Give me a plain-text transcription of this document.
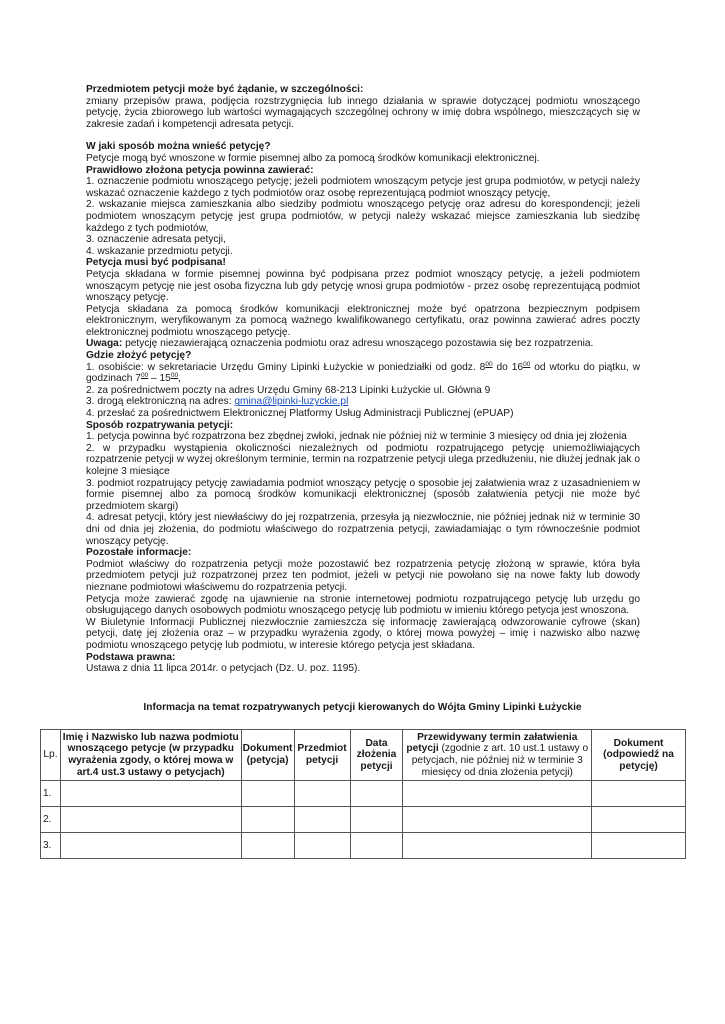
Przedmiotem petycji może być żądanie, w szczególności:

zmiany przepisów prawa, podjęcia rozstrzygnięcia lub innego działania w sprawie dotyczącej podmiotu wnoszącego petycję, życia zbiorowego lub wartości wymagających szczególnej ochrony w imię dobra wspólnego, mieszczących się w zakresie zadań i kompetencji adresata petycji.

W jaki sposób można wnieść petycję?

Petycje mogą być wnoszone w formie pisemnej albo za pomocą środków komunikacji elektronicznej.

Prawidłowo złożona petycja powinna zawierać:

1. oznaczenie podmiotu wnoszącego petycję; jeżeli podmiotem wnoszącym petycje jest grupa podmiotów, w petycji należy wskazać oznaczenie każdego z tych podmiotów oraz osobę reprezentującą podmiot wnoszący petycję,

2. wskazanie miejsca zamieszkania albo siedziby podmiotu wnoszącego petycję oraz adresu do korespondencji; jeżeli podmiotem wnoszącym petycję jest grupa podmiotów, w petycji należy wskazać miejsce zamieszkania lub siedzibę każdego z tych podmiotów,

3. oznaczenie adresata petycji,

4. wskazanie przedmiotu petycji.

Petycja musi być podpisana!

Petycja składana w formie pisemnej powinna być podpisana przez podmiot wnoszący petycję, a jeżeli podmiotem wnoszącym petycję nie jest osoba fizyczna lub gdy petycję wnosi grupa podmiotów - przez osobę reprezentującą podmiot wnoszący petycję.

Petycja składana za pomocą środków komunikacji elektronicznej może być opatrzona bezpiecznym podpisem elektronicznym, weryfikowanym za pomocą ważnego kwalifikowanego certyfikatu, oraz powinna zawierać adres poczty elektronicznej podmiotu wnoszącego petycję.

Uwaga: petycję niezawierającą oznaczenia podmiotu oraz adresu wnoszącego pozostawia się bez rozpatrzenia.

Gdzie złożyć petycję?

1. osobiście: w sekretariacie Urzędu Gminy Lipinki Łużyckie w poniedziałki od godz. $8^{00}$ do $16^{00}$ od wtorku do piątku, w godzinach $7^{00} - 15^{00}$,

2. za pośrednictwem poczty na adres Urzędu Gminy 68-213 Lipinki Łużyckie ul. Główna 9

3. drogą elektroniczną na adres: gmina@lipinki-luzyckie.pl

4. przesłać za pośrednictwem Elektronicznej Platformy Usług Administracji Publicznej (ePUAP)

Sposób rozpatrywania petycji:

1. petycja powinna być rozpatrzona bez zbędnej zwłoki, jednak nie później niż w terminie 3 miesięcy od dnia jej złożenia

2. w przypadku wystąpienia okoliczności niezależnych od podmiotu rozpatrującego petycję uniemożliwiających rozpatrzenie petycji w wyżej określonym terminie, termin na rozpatrzenie petycji ulega przedłużeniu, nie dłużej jednak jak o kolejne 3 miesiące

3. podmiot rozpatrujący petycję zawiadamia podmiot wnoszący petycję o sposobie jej załatwienia wraz z uzasadnieniem w formie pisemnej albo za pomocą środków komunikacji elektronicznej (sposób załatwienia petycji nie może być przedmiotem skargi)

4. adresat petycji, który jest niewłaściwy do jej rozpatrzenia, przesyła ją niezwłocznie, nie później jednak niż w terminie 30 dni od dnia jej złożenia, do podmiotu właściwego do rozpatrzenia petycji, zawiadamiając o tym równocześnie podmiot wnoszący petycję.

Pozostałe informacje:

Podmiot właściwy do rozpatrzenia petycji może pozostawić bez rozpatrzenia petycję złożoną w sprawie, która była przedmiotem petycji już rozpatrzonej przez ten podmiot, jeżeli w petycji nie powołano się na nowe fakty lub dowody nieznane podmiotowi właściwemu do rozpatrzenia petycji.

Petycja może zawierać zgodę na ujawnienie na stronie internetowej podmiotu rozpatrującego petycję lub urzędu go obsługującego danych osobowych podmiotu wnoszącego petycję lub podmiotu w imieniu którego petycja jest wnoszona.

W Biuletynie Informacji Publicznej niezwłocznie zamieszcza się informację zawierającą odwzorowanie cyfrowe (skan) petycji, datę jej złożenia oraz – w przypadku wyrażenia zgody, o której mowa powyżej – imię i nazwisko albo nazwę podmiotu wnoszącego petycję lub podmiotu, w interesie którego petycja jest składana.

Podstawa prawna:

Ustawa z dnia 11 lipca 2014r. o petycjach (Dz. U. poz. 1195).

Informacja na temat rozpatrywanych petycji kierowanych do Wójta Gminy Lipinki Łużyckie
Lp.	Imię i Nazwisko lub nazwa podmiotu wnoszącego petycje (w przypadku wyrażenia zgody, o której mowa w art.4 ust.3 ustawy o petycjach)	Dokument (petycja)	Przedmiot petycji	Data złożenia petycji	Przewidywany termin załatwienia petycji (zgodnie z art. 10 ust.1 ustawy o petycjach, nie później niż w terminie 3 miesięcy od dnia złożenia petycji)	Dokument (odpowiedź na petycję)
1.						
2.						
3.						
